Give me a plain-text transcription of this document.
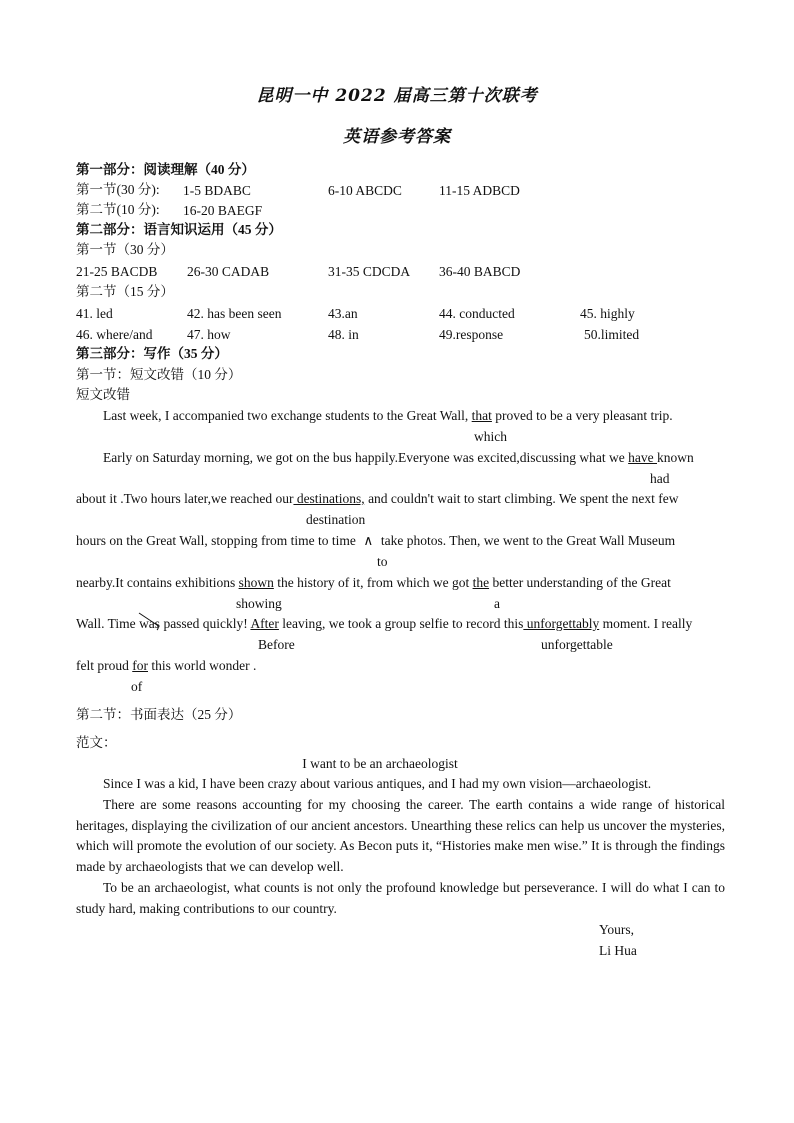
昆明一中 2022 届高三第十次联考
英语参考答案
第一部分：阅读理解（40 分）
第一节(30 分): 1-5 BDABC	6-10 ABCDC	11-15 ADBCD
第二节(10 分): 16-20 BAEGF
第二部分：语言知识运用（45 分）
第一节（30 分）
21-25 BACDB 26-30 CADAB	31-35 CDCDA 36-40 BABCD
第二节（15 分）
41. led	42. has been seen	43.an	44. conducted	45. highly
46. where/and	47. how	48. in	49.response	50.limited
第三部分：写作（35 分）
第一节：短文改错（10 分）
短文改错
Last week, I accompanied two exchange students to the Great Wall, that proved to be a very pleasant trip.
which
Early on Saturday morning, we got on the bus happily.Everyone was excited,discussing what we have known
had
about it .Two hours later,we reached our destinations, and couldn't wait to start climbing. We spent the next few
destination
hours on the Great Wall, stopping from time to time ∧ take photos. Then, we went to the Great Wall Museum
to
nearby.It contains exhibitions shown the history of it, from which we got the better understanding of the Great
showing	a
Wall. Time was
passed quickly! After leaving, we took a group selfie to record this unforgettably moment. I really
Before	unforgettable
felt proud for this world wonder .
of
第二节：书面表达（25 分）
范文：
I want to be an archaeologist
Since I was a kid, I have been crazy about various antiques, and I had my own vision—archaeologist.
There are some reasons accounting for my choosing the career. The earth contains a wide range of historical heritages, displaying the civilization of our ancient ancestors. Unearthing these relics can help us uncover the mysteries, which will promote the evolution of our society. As Becon puts it, “Histories make men wise.” It is through the findings made by archaeologists that we can develop well.
To be an archaeologist, what counts is not only the profound knowledge but perseverance. I will do what I can to study hard, making contributions to our country.
Yours,
Li Hua
